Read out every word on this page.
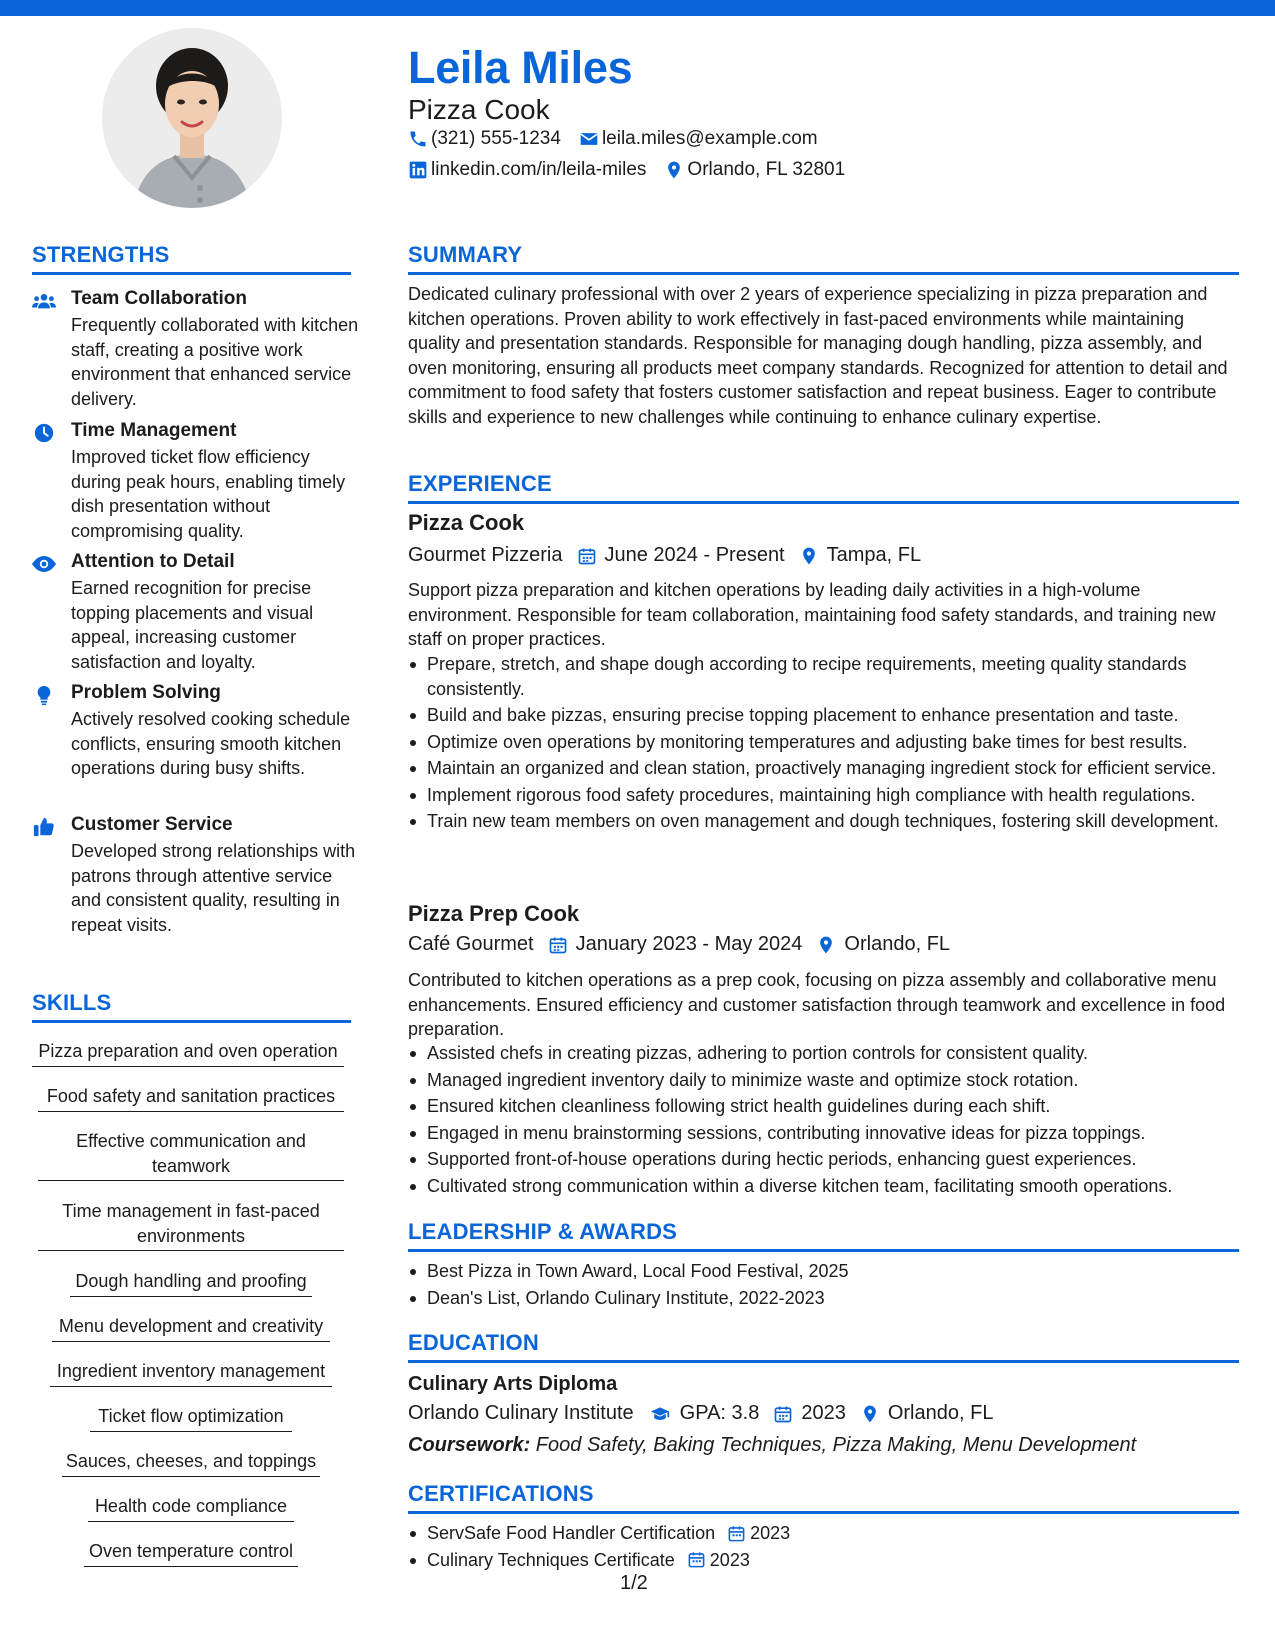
Leila Miles
Pizza Cook
(321) 555-1234 leila.miles@example.com
linkedin.com/in/leila-miles Orlando, FL 32801
STRENGTHS
Team Collaboration
Frequently collaborated with kitchen staff, creating a positive work environment that enhanced service delivery.
Time Management
Improved ticket flow efficiency during peak hours, enabling timely dish presentation without compromising quality.
Attention to Detail
Earned recognition for precise topping placements and visual appeal, increasing customer satisfaction and loyalty.
Problem Solving
Actively resolved cooking schedule conflicts, ensuring smooth kitchen operations during busy shifts.
Customer Service
Developed strong relationships with patrons through attentive service and consistent quality, resulting in repeat visits.
SKILLS
Pizza preparation and oven operation
Food safety and sanitation practices
Effective communication and teamwork
Time management in fast-paced environments
Dough handling and proofing
Menu development and creativity
Ingredient inventory management
Ticket flow optimization
Sauces, cheeses, and toppings
Health code compliance
Oven temperature control
SUMMARY
Dedicated culinary professional with over 2 years of experience specializing in pizza preparation and kitchen operations. Proven ability to work effectively in fast-paced environments while maintaining quality and presentation standards. Responsible for managing dough handling, pizza assembly, and oven monitoring, ensuring all products meet company standards. Recognized for attention to detail and commitment to food safety that fosters customer satisfaction and repeat business. Eager to contribute skills and experience to new challenges while continuing to enhance culinary expertise.
EXPERIENCE
Pizza Cook
Gourmet Pizzeria June 2024 - Present Tampa, FL
Support pizza preparation and kitchen operations by leading daily activities in a high-volume environment. Responsible for team collaboration, maintaining food safety standards, and training new staff on proper practices.
Prepare, stretch, and shape dough according to recipe requirements, meeting quality standards consistently.
Build and bake pizzas, ensuring precise topping placement to enhance presentation and taste.
Optimize oven operations by monitoring temperatures and adjusting bake times for best results.
Maintain an organized and clean station, proactively managing ingredient stock for efficient service.
Implement rigorous food safety procedures, maintaining high compliance with health regulations.
Train new team members on oven management and dough techniques, fostering skill development.
Pizza Prep Cook
Café Gourmet January 2023 - May 2024 Orlando, FL
Contributed to kitchen operations as a prep cook, focusing on pizza assembly and collaborative menu enhancements. Ensured efficiency and customer satisfaction through teamwork and excellence in food preparation.
Assisted chefs in creating pizzas, adhering to portion controls for consistent quality.
Managed ingredient inventory daily to minimize waste and optimize stock rotation.
Ensured kitchen cleanliness following strict health guidelines during each shift.
Engaged in menu brainstorming sessions, contributing innovative ideas for pizza toppings.
Supported front-of-house operations during hectic periods, enhancing guest experiences.
Cultivated strong communication within a diverse kitchen team, facilitating smooth operations.
LEADERSHIP & AWARDS
Best Pizza in Town Award, Local Food Festival, 2025
Dean's List, Orlando Culinary Institute, 2022-2023
EDUCATION
Culinary Arts Diploma
Orlando Culinary Institute GPA: 3.8 2023 Orlando, FL
Coursework: Food Safety, Baking Techniques, Pizza Making, Menu Development
CERTIFICATIONS
ServSafe Food Handler Certification 2023
Culinary Techniques Certificate 2023
1/2
